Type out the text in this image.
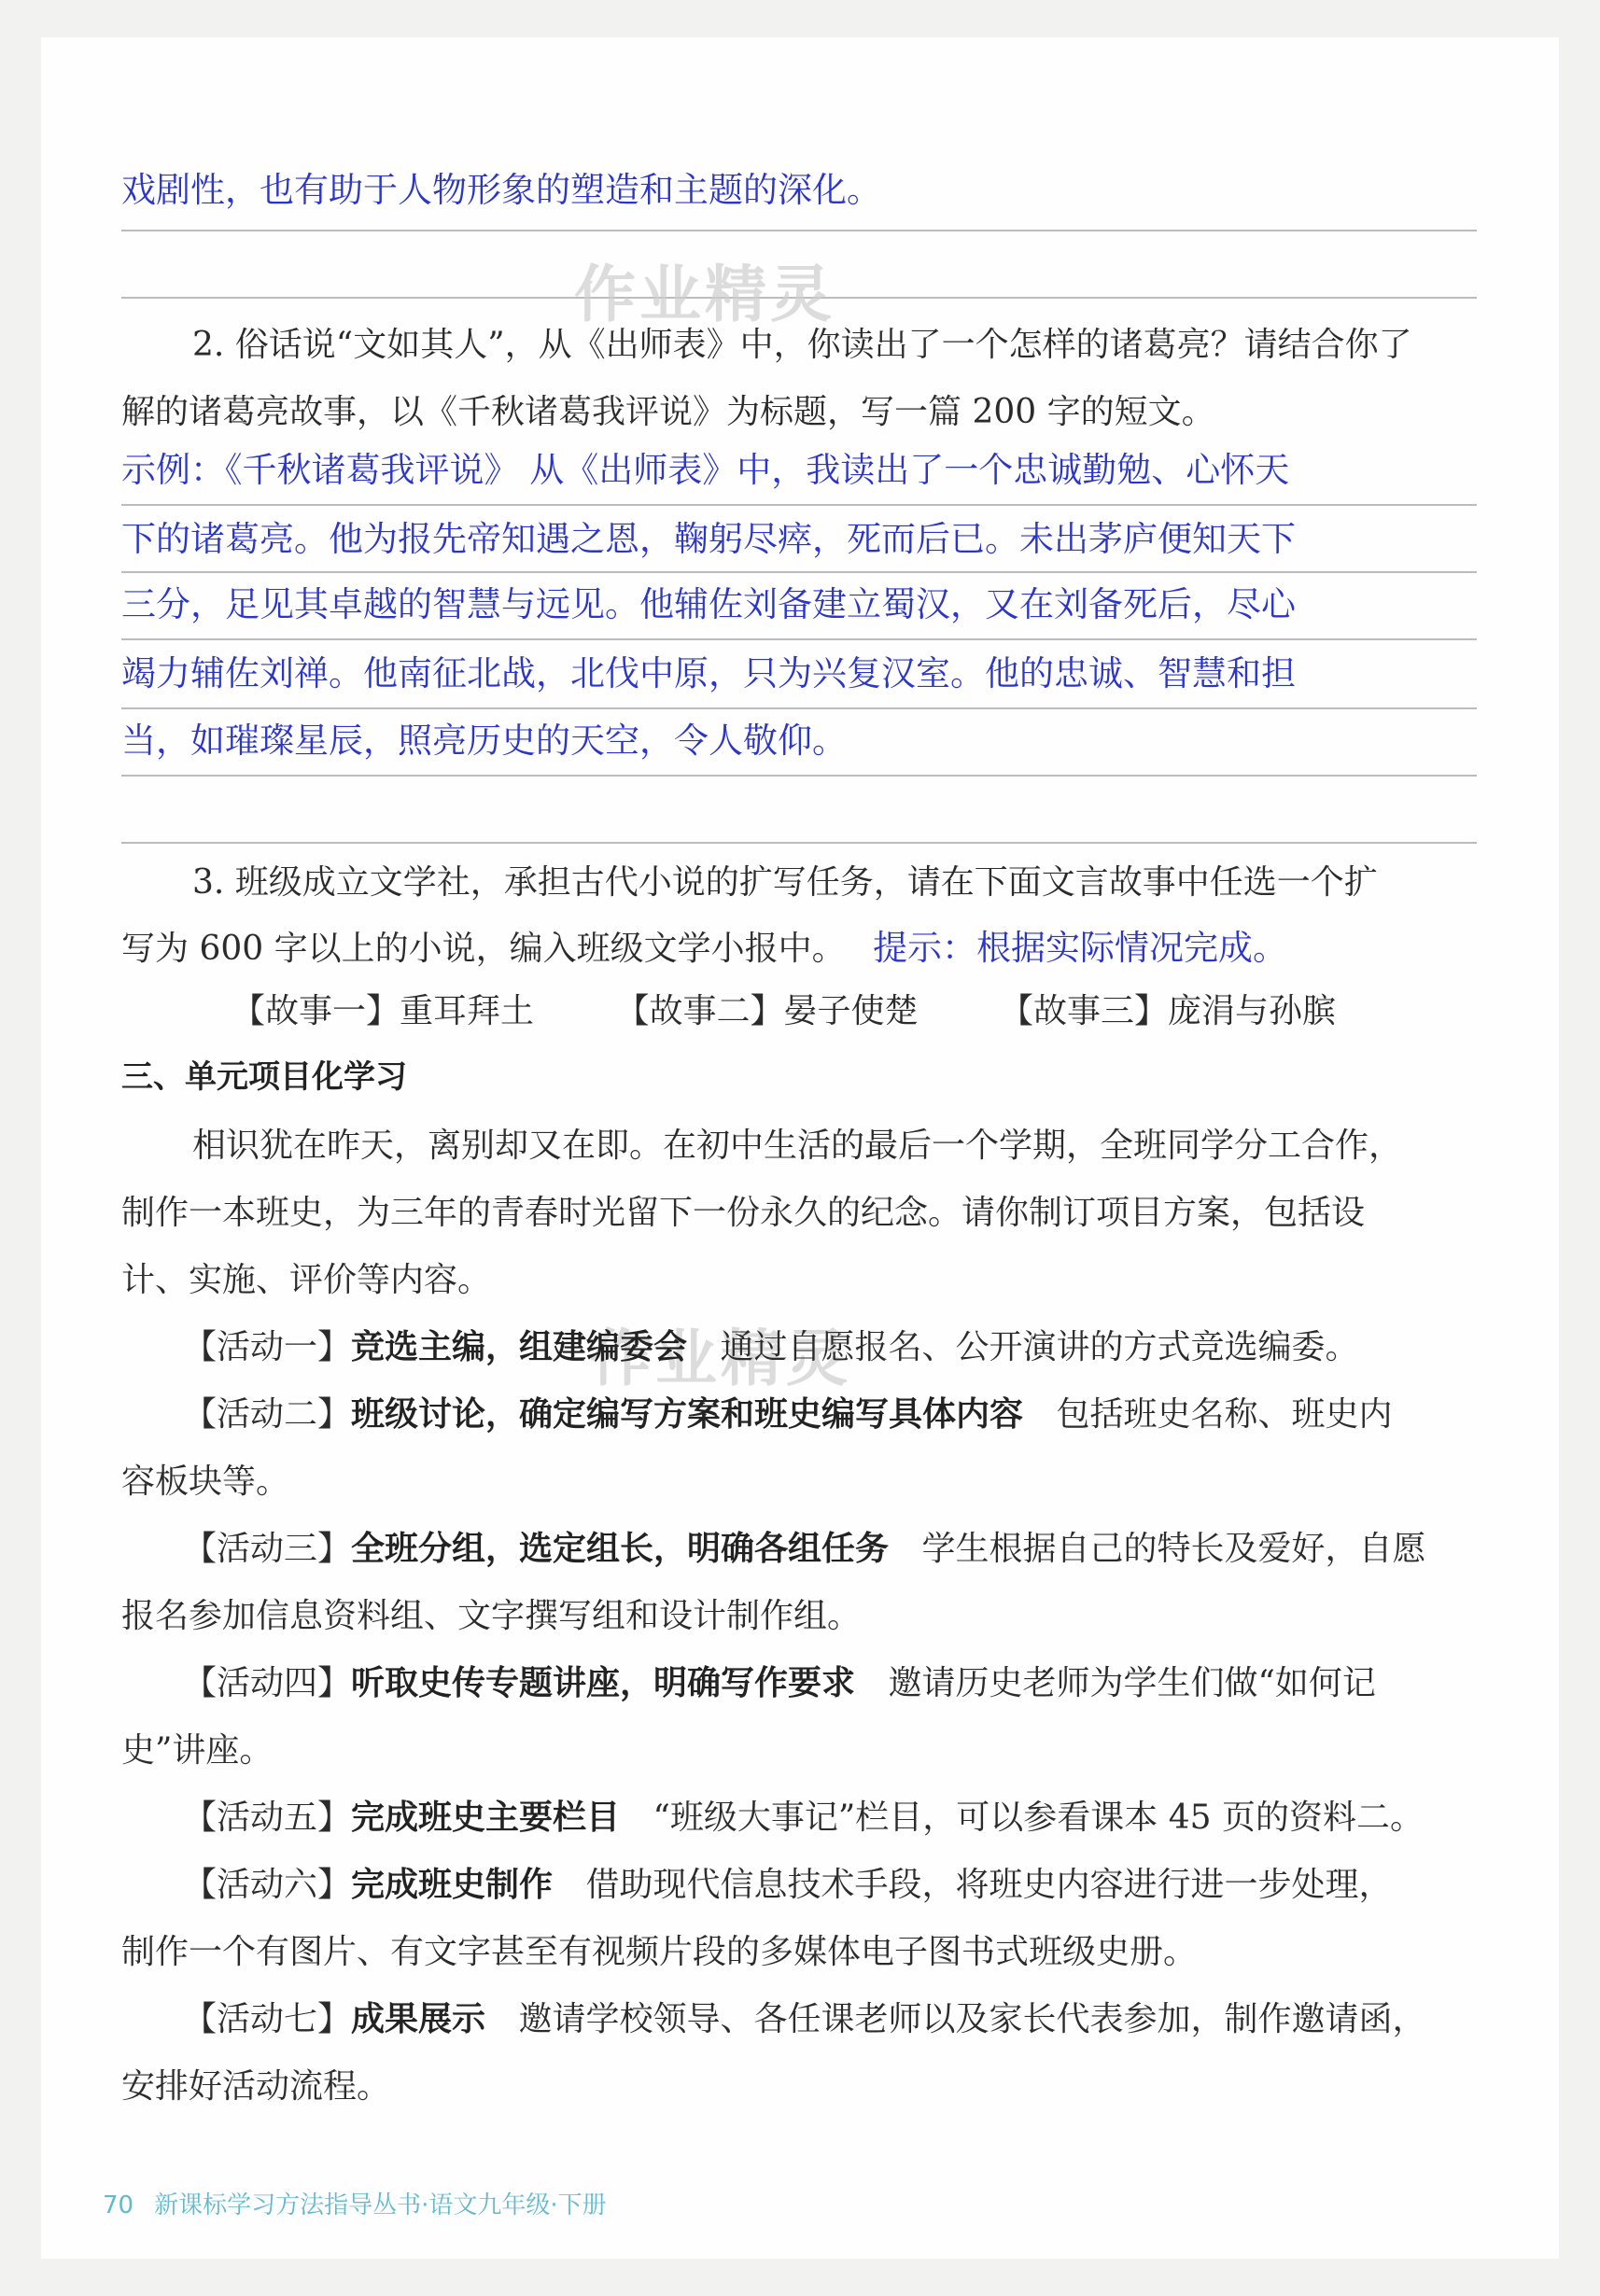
戏剧性，也有助于人物形象的塑造和主题的深化。
作业精灵
2. 俗话说“文如其人”，从《出师表》中，你读出了一个怎样的诸葛亮？请结合你了
解的诸葛亮故事，以《千秋诸葛我评说》为标题，写一篇 200 字的短文。
示例：《千秋诸葛我评说》 从《出师表》中，我读出了一个忠诚勤勉、心怀天
下的诸葛亮。他为报先帝知遇之恩，鞠躬尽瘁，死而后已。未出茅庐便知天下
三分，足见其卓越的智慧与远见。他辅佐刘备建立蜀汉，又在刘备死后，尽心
竭力辅佐刘禅。他南征北战，北伐中原，只为兴复汉室。他的忠诚、智慧和担
当，如璀璨星辰，照亮历史的天空，令人敬仰。
3. 班级成立文学社，承担古代小说的扩写任务，请在下面文言故事中任选一个扩
写为 600 字以上的小说，编入班级文学小报中。 提示：根据实际情况完成。
【故事一】重耳拜土 【故事二】晏子使楚 【故事三】庞涓与孙膑
三、单元项目化学习
相识犹在昨天，离别却又在即。在初中生活的最后一个学期，全班同学分工合作，
制作一本班史，为三年的青春时光留下一份永久的纪念。请你制订项目方案，包括设
计、实施、评价等内容。
作业精灵
【活动一】竞选主编，组建编委会 通过自愿报名、公开演讲的方式竞选编委。
【活动二】班级讨论，确定编写方案和班史编写具体内容 包括班史名称、班史内
容板块等。
【活动三】全班分组，选定组长，明确各组任务 学生根据自己的特长及爱好，自愿
报名参加信息资料组、文字撰写组和设计制作组。
【活动四】听取史传专题讲座，明确写作要求 邀请历史老师为学生们做“如何记
史”讲座。
【活动五】完成班史主要栏目 “班级大事记”栏目，可以参看课本 45 页的资料二。
【活动六】完成班史制作 借助现代信息技术手段，将班史内容进行进一步处理，
制作一个有图片、有文字甚至有视频片段的多媒体电子图书式班级史册。
【活动七】成果展示 邀请学校领导、各任课老师以及家长代表参加，制作邀请函，
安排好活动流程。
70 新课标学习方法指导丛书·语文九年级·下册
